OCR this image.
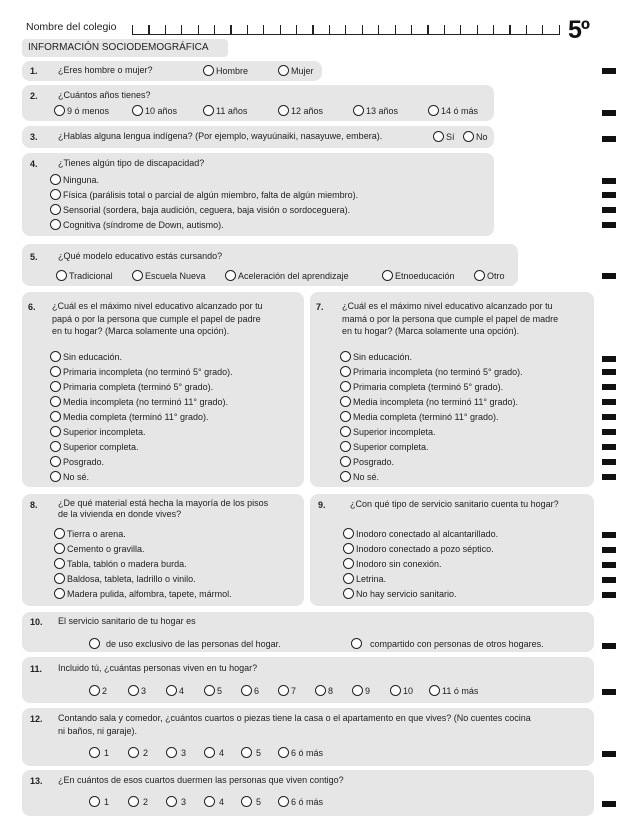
Nombre del colegio	5º
INFORMACIÓN SOCIODEMOGRÁFICA
1. ¿Eres hombre o mujer?	Hombre	Mujer
2. ¿Cuántos años tienes?
9 ó menos	10 años	11 años	12 años	13 años	14 ó más
3. ¿Hablas alguna lengua indígena? (Por ejemplo, wayuúnaiki, nasayuwe, embera).	Sí No
4. ¿Tienes algún tipo de discapacidad?
Ninguna.
Física (parálisis total o parcial de algún miembro, falta de algún miembro).
Sensorial (sordera, baja audición, ceguera, baja visión o sordoceguera).
Cognitiva (síndrome de Down, autismo).
5. ¿Qué modelo educativo estás cursando?
Tradicional	Escuela Nueva	Aceleración del aprendizaje	Etnoeducación	Otro
6. ¿Cuál es el máximo nivel educativo alcanzado por tu
papá o por la persona que cumple el papel de padre
en tu hogar? (Marca solamente una opción).
Sin educación.
Primaria incompleta (no terminó 5° grado).
Primaria completa (terminó 5° grado).
Media incompleta (no terminó 11° grado).
Media completa (terminó 11° grado).
Superior incompleta.
Superior completa.
Posgrado.
No sé.
7. ¿Cuál es el máximo nivel educativo alcanzado por tu
mamá o por la persona que cumple el papel de madre
en tu hogar? (Marca solamente una opción).
Sin educación.
Primaria incompleta (no terminó 5° grado).
Primaria completa (terminó 5° grado).
Media incompleta (no terminó 11° grado).
Media completa (terminó 11° grado).
Superior incompleta.
Superior completa.
Posgrado.
No sé.
8. ¿De qué material está hecha la mayoría de los pisos
de la vivienda en donde vives?
Tierra o arena.
Cemento o gravilla.
Tabla, tablón o madera burda.
Baldosa, tableta, ladrillo o vinilo.
Madera pulida, alfombra, tapete, mármol.
9.	¿Con qué tipo de servicio sanitario cuenta tu hogar?
Inodoro conectado al alcantarillado.
Inodoro conectado a pozo séptico.
Inodoro sin conexión.
Letrina.
No hay servicio sanitario.
10. El servicio sanitario de tu hogar es
de uso exclusivo de las personas del hogar.	compartido con personas de otros hogares.
11. Incluido tú, ¿cuántas personas viven en tu hogar?
2	3	4	5	6	7	8	9	10	11 ó más
12. Contando sala y comedor, ¿cuántos cuartos o piezas tiene la casa o el apartamento en que vives? (No cuentes cocina
ni baños, ni garaje).
1	2	3	4	5	6 ó más
13. ¿En cuántos de esos cuartos duermen las personas que viven contigo?
1	2	3	4	5	6 ó más
